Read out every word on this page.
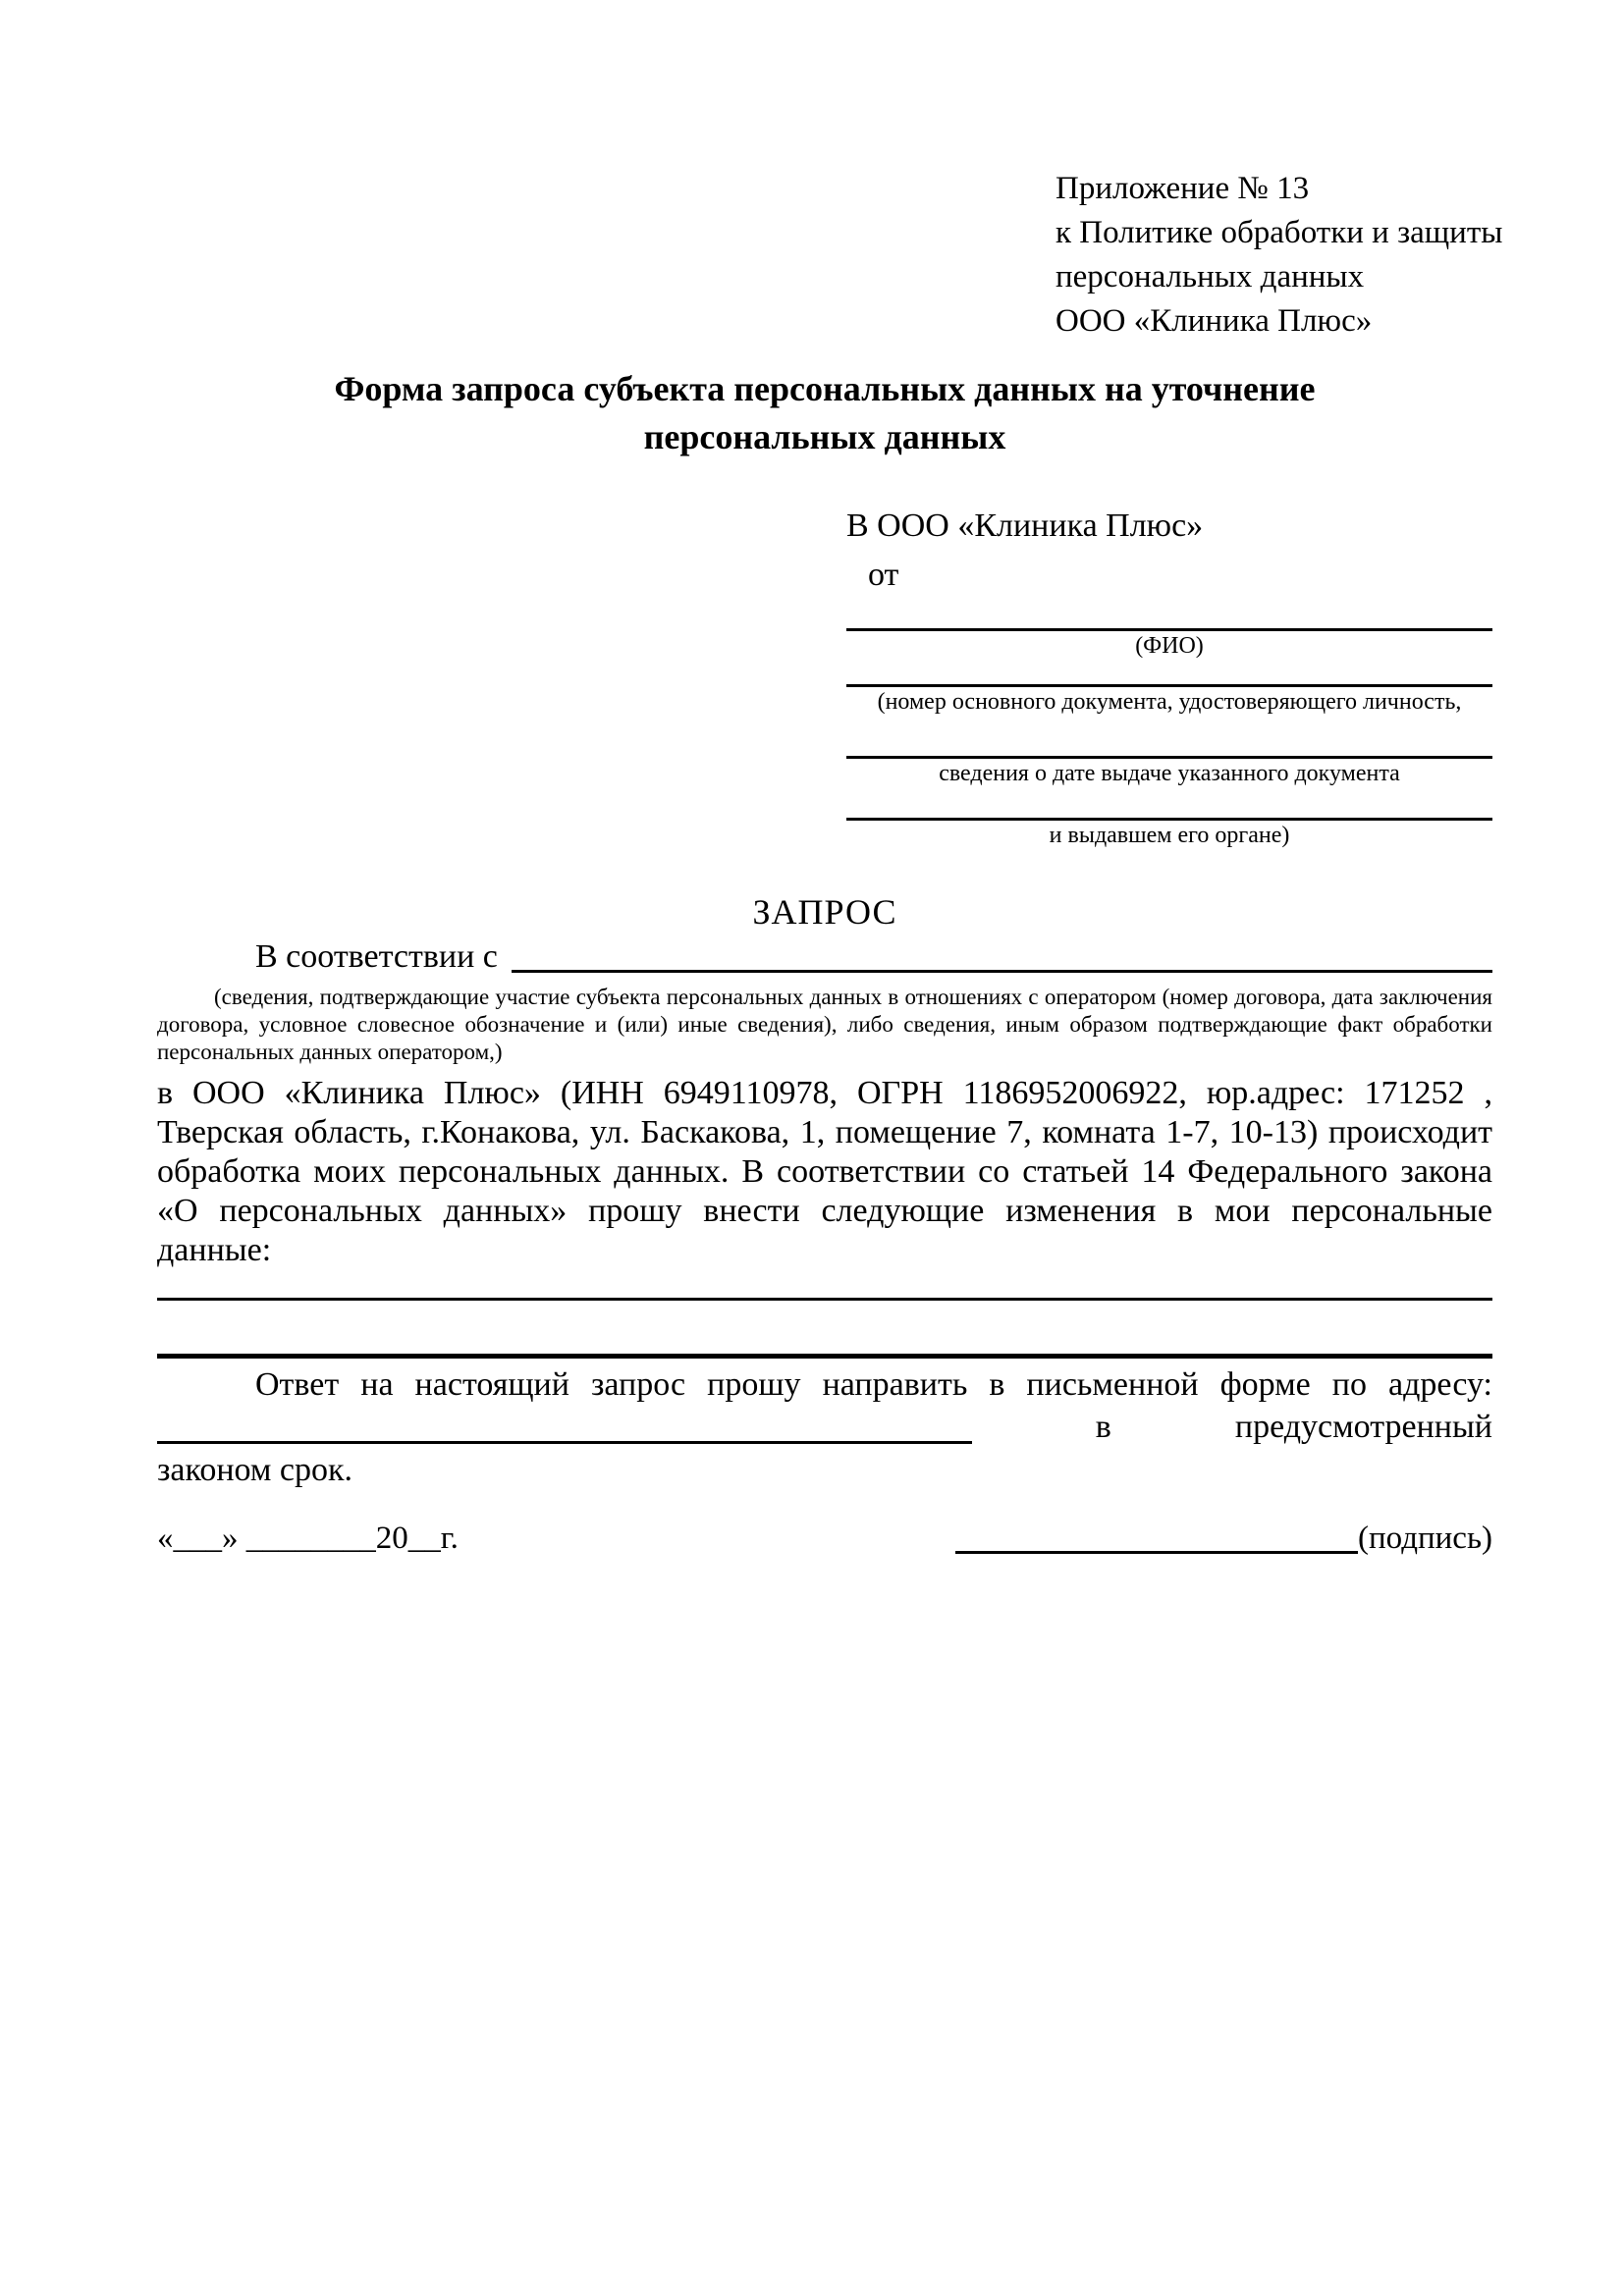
Приложение № 13
к Политике обработки и защиты
персональных данных
ООО «Клиника Плюс»
Форма запроса субъекта персональных данных на уточнение
персональных данных
В ООО «Клиника Плюс»
от
(ФИО)
(номер основного документа, удостоверяющего личность,
сведения о дате выдаче указанного документа
и выдавшем его органе)
ЗАПРОС
В соответствии с
(сведения, подтверждающие участие субъекта персональных данных в отношениях с оператором (номер договора, дата заключения договора, условное словесное обозначение и (или) иные сведения), либо сведения, иным образом подтверждающие факт обработки персональных данных оператором,)
в ООО «Клиника Плюс» (ИНН 6949110978, ОГРН 1186952006922, юр.адрес: 171252 , Тверская область, г.Конакова, ул. Баскакова, 1, помещение 7, комната 1-7, 10-13) происходит обработка моих персональных данных. В соответствии со статьей 14 Федерального закона «О персональных данных» прошу внести следующие изменения в мои персональные данные:
Ответ на настоящий запрос прошу направить в письменной форме по адресу:
в	предусмотренный
законом срок.
«___» ________20__г.	(подпись)
